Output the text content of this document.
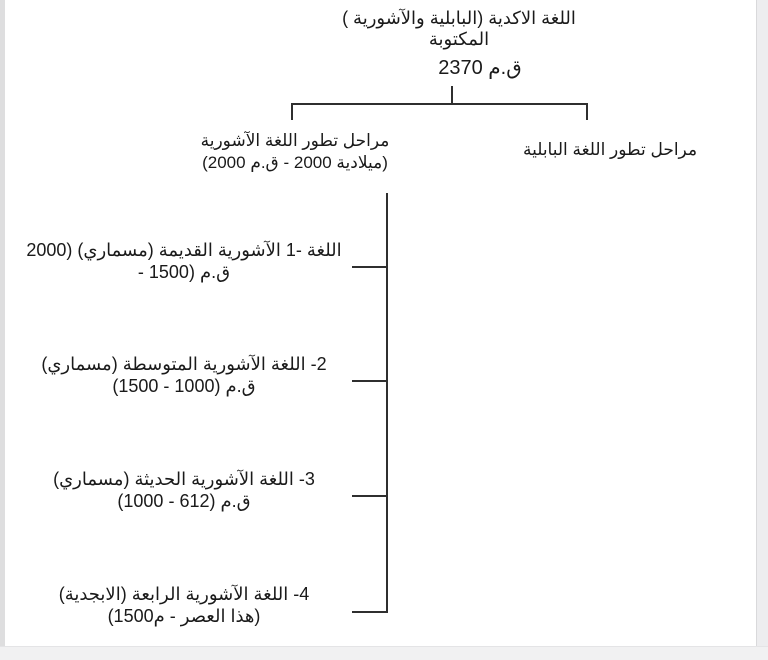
اللغة الاكدية (البابلية والآشورية )
المكتوبة
2370‎ ‎ق.م
مراحل تطور اللغة الآشورية
(2000‎ ‎ق.م‎ - 2000‎ ‎ميلادية‎)
مراحل تطور اللغة البابلية
2000)‎ ‎(مسماري)‎ ‎القديمة‎ ‎الآشورية‎ ‎1- اللغة
- 1500)‎ ‎ق.م
(مسماري)‎ ‎المتوسطة‎ ‎الآشورية‎ ‎اللغة‎ ‎-2
(1500 - 1000)‎ ‎ق.م
(مسماري)‎ ‎الحديثة‎ ‎الآشورية‎ ‎اللغة‎ ‎-3
(1000 - 612)‎ ‎ق.م
(الابجدية)‎ ‎الرابعة‎ ‎الآشورية‎ ‎اللغة‎ ‎-4
(1500م‎ - ‎هذا العصر‎)
